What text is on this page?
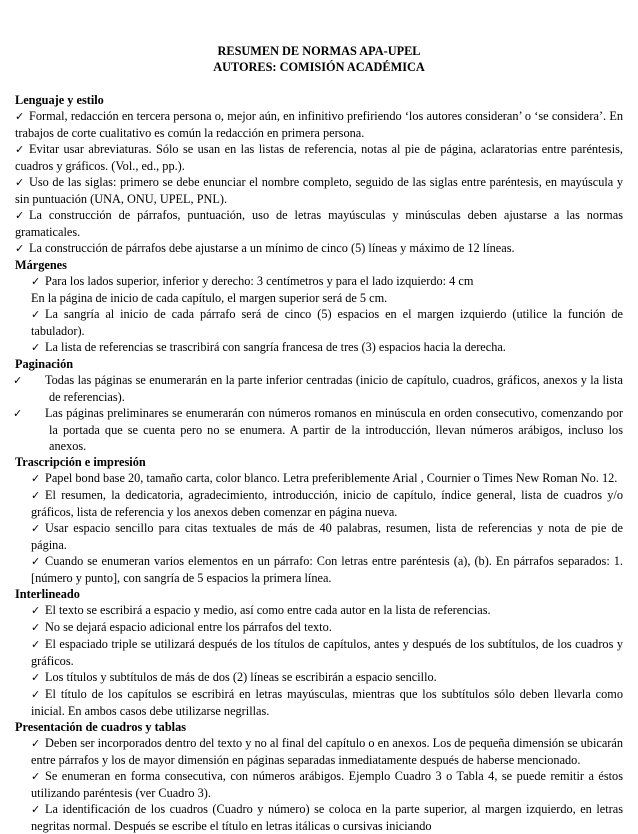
RESUMEN DE NORMAS APA-UPEL

AUTORES: COMISIÓN ACADÉMICA

Lenguaje y estilo

✓ Formal, redacción en tercera persona o, mejor aún, en infinitivo prefiriendo ‘los autores consideran’ o ‘se considera’. En trabajos de corte cualitativo es común la redacción en primera persona.

✓ Evitar usar abreviaturas. Sólo se usan en las listas de referencia, notas al pie de página, aclaratorias entre paréntesis, cuadros y gráficos. (Vol., ed., pp.).

✓ Uso de las siglas: primero se debe enunciar el nombre completo, seguido de las siglas entre paréntesis, en mayúscula y sin puntuación (UNA, ONU, UPEL, PNL).

✓ La construcción de párrafos, puntuación, uso de letras mayúsculas y minúsculas deben ajustarse a las normas gramaticales.

✓ La construcción de párrafos debe ajustarse a un mínimo de cinco (5) líneas y máximo de 12 líneas.

Márgenes

✓ Para los lados superior, inferior y derecho: 3 centímetros y para el lado izquierdo: 4 cm

En la página de inicio de cada capítulo, el margen superior será de 5 cm.

✓ La sangría al inicio de cada párrafo será de cinco (5) espacios en el margen izquierdo (utilice la función de tabulador).

✓ La lista de referencias se trascribirá con sangría francesa de tres (3) espacios hacia la derecha.

Paginación

✓ Todas las páginas se enumerarán en la parte inferior centradas (inicio de capítulo, cuadros, gráficos, anexos y la lista de referencias).

✓ Las páginas preliminares se enumerarán con números romanos en minúscula en orden consecutivo, comenzando por la portada que se cuenta pero no se enumera. A partir de la introducción, llevan números arábigos, incluso los anexos.

Trascripción e impresión

✓ Papel bond base 20, tamaño carta, color blanco. Letra preferiblemente Arial , Cournier o Times New Roman No. 12.

✓ El resumen, la dedicatoria, agradecimiento, introducción, inicio de capítulo, índice general, lista de cuadros y/o gráficos, lista de referencia y los anexos deben comenzar en página nueva.

✓ Usar espacio sencillo para citas textuales de más de 40 palabras, resumen, lista de referencias y nota de pie de página.

✓ Cuando se enumeran varios elementos en un párrafo: Con letras entre paréntesis (a), (b). En párrafos separados: 1. [número y punto], con sangría de 5 espacios la primera línea.

Interlineado

✓ El texto se escribirá a espacio y medio, así como entre cada autor en la lista de referencias.

✓ No se dejará espacio adicional entre los párrafos del texto.

✓ El espaciado triple se utilizará después de los títulos de capítulos, antes y después de los subtítulos, de los cuadros y gráficos.

✓ Los títulos y subtítulos de más de dos (2) líneas se escribirán a espacio sencillo.

✓ El título de los capítulos se escribirá en letras mayúsculas, mientras que los subtítulos sólo deben llevarla como inicial. En ambos casos debe utilizarse negrillas.

Presentación de cuadros y tablas

✓ Deben ser incorporados dentro del texto y no al final del capítulo o en anexos. Los de pequeña dimensión se ubicarán entre párrafos y los de mayor dimensión en páginas separadas inmediatamente después de haberse mencionado.

✓ Se enumeran en forma consecutiva, con números arábigos. Ejemplo Cuadro 3 o Tabla 4, se puede remitir a éstos utilizando paréntesis (ver Cuadro 3).

✓ La identificación de los cuadros (Cuadro y número) se coloca en la parte superior, al margen izquierdo, en letras negritas normal. Después se escribe el título en letras itálicas o cursivas iniciando
